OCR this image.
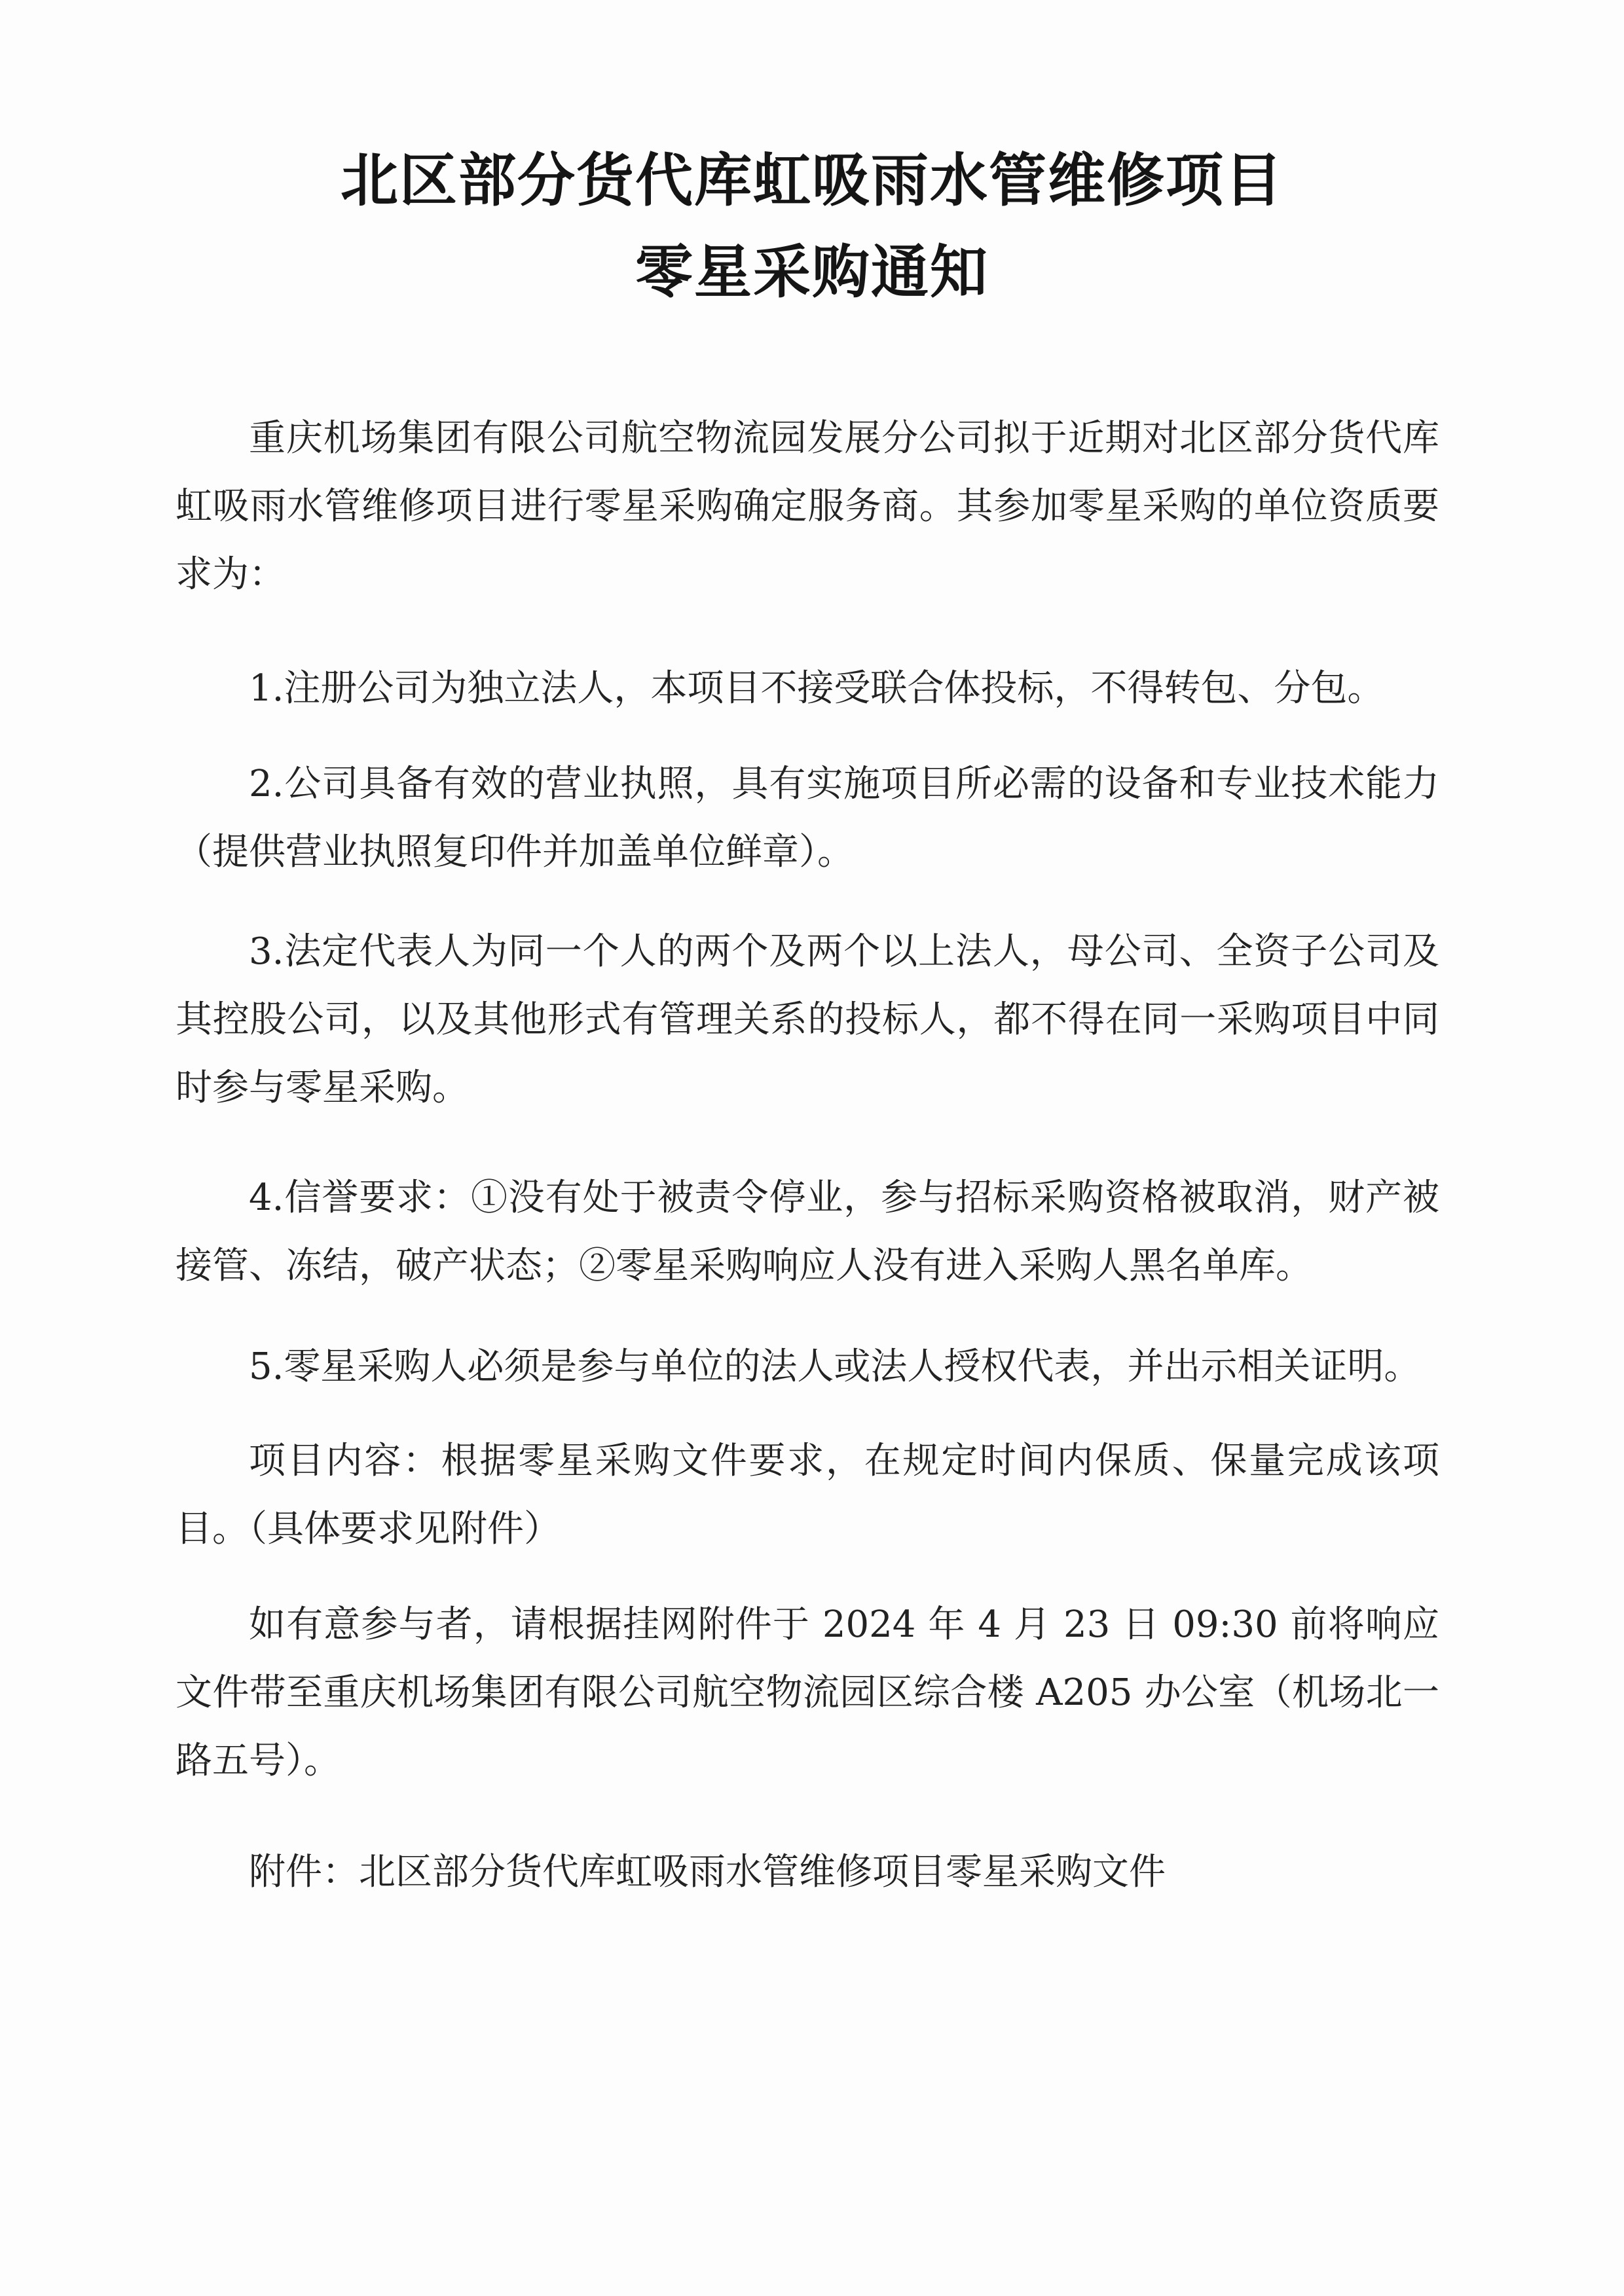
北区部分货代库虹吸雨水管维修项目
零星采购通知

重庆机场集团有限公司航空物流园发展分公司拟于近期对北区部分货代库虹吸雨水管维修项目进行零星采购确定服务商。其参加零星采购的单位资质要求为：

1.注册公司为独立法人，本项目不接受联合体投标，不得转包、分包。

2.公司具备有效的营业执照，具有实施项目所必需的设备和专业技术能力（提供营业执照复印件并加盖单位鲜章）。

3.法定代表人为同一个人的两个及两个以上法人，母公司、全资子公司及其控股公司，以及其他形式有管理关系的投标人，都不得在同一采购项目中同时参与零星采购。

4.信誉要求：①没有处于被责令停业，参与招标采购资格被取消，财产被接管、冻结，破产状态；②零星采购响应人没有进入采购人黑名单库。

5.零星采购人必须是参与单位的法人或法人授权代表，并出示相关证明。

项目内容：根据零星采购文件要求，在规定时间内保质、保量完成该项目。（具体要求见附件）

如有意参与者，请根据挂网附件于 2024 年 4 月 23 日 09:30 前将响应文件带至重庆机场集团有限公司航空物流园区综合楼 A205 办公室（机场北一路五号）。

附件：北区部分货代库虹吸雨水管维修项目零星采购文件
